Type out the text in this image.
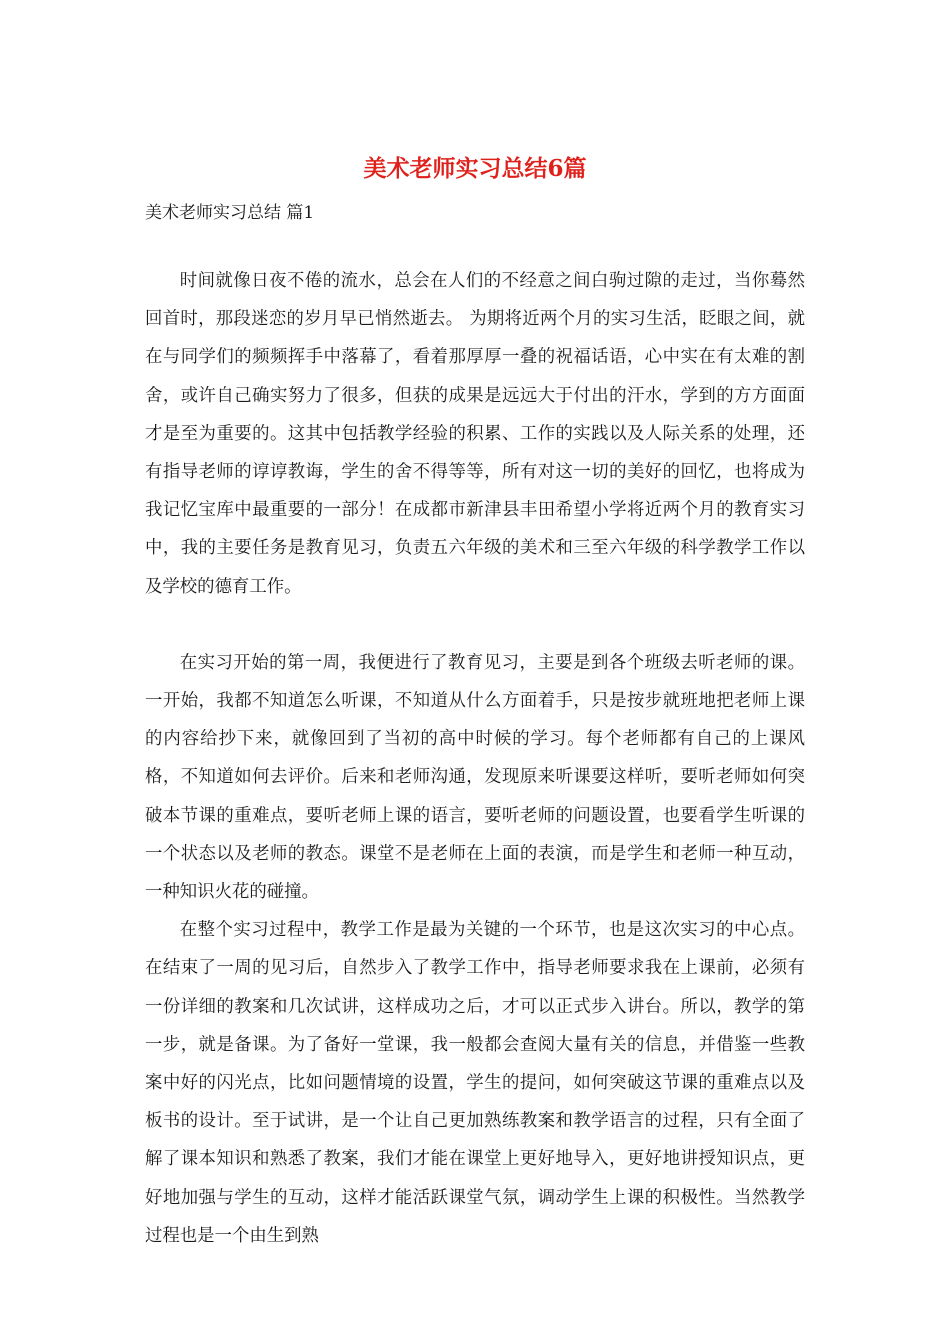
美术老师实习总结6篇

美术老师实习总结 篇1

时间就像日夜不倦的流水，总会在人们的不经意之间白驹过隙的走过，当你蓦然回首时，那段迷恋的岁月早已悄然逝去。 为期将近两个月的实习生活，眨眼之间，就在与同学们的频频挥手中落幕了，看着那厚厚一叠的祝福话语，心中实在有太难的割舍，或许自己确实努力了很多，但获的成果是远远大于付出的汗水，学到的方方面面才是至为重要的。这其中包括教学经验的积累、工作的实践以及人际关系的处理，还有指导老师的谆谆教诲，学生的舍不得等等，所有对这一切的美好的回忆，也将成为我记忆宝库中最重要的一部分！在成都市新津县丰田希望小学将近两个月的教育实习中，我的主要任务是教育见习，负责五六年级的美术和三至六年级的科学教学工作以及学校的德育工作。

在实习开始的第一周，我便进行了教育见习，主要是到各个班级去听老师的课。一开始，我都不知道怎么听课，不知道从什么方面着手，只是按步就班地把老师上课的内容给抄下来，就像回到了当初的高中时候的学习。每个老师都有自己的上课风格，不知道如何去评价。后来和老师沟通，发现原来听课要这样听，要听老师如何突破本节课的重难点，要听老师上课的语言，要听老师的问题设置，也要看学生听课的一个状态以及老师的教态。课堂不是老师在上面的表演，而是学生和老师一种互动，一种知识火花的碰撞。

在整个实习过程中，教学工作是最为关键的一个环节，也是这次实习的中心点。在结束了一周的见习后，自然步入了教学工作中，指导老师要求我在上课前，必须有一份详细的教案和几次试讲，这样成功之后，才可以正式步入讲台。所以，教学的第一步，就是备课。为了备好一堂课，我一般都会查阅大量有关的信息，并借鉴一些教案中好的闪光点，比如问题情境的设置，学生的提问，如何突破这节课的重难点以及板书的设计。至于试讲，是一个让自己更加熟练教案和教学语言的过程，只有全面了解了课本知识和熟悉了教案，我们才能在课堂上更好地导入，更好地讲授知识点，更好地加强与学生的互动，这样才能活跃课堂气氛，调动学生上课的积极性。当然教学过程也是一个由生到熟
